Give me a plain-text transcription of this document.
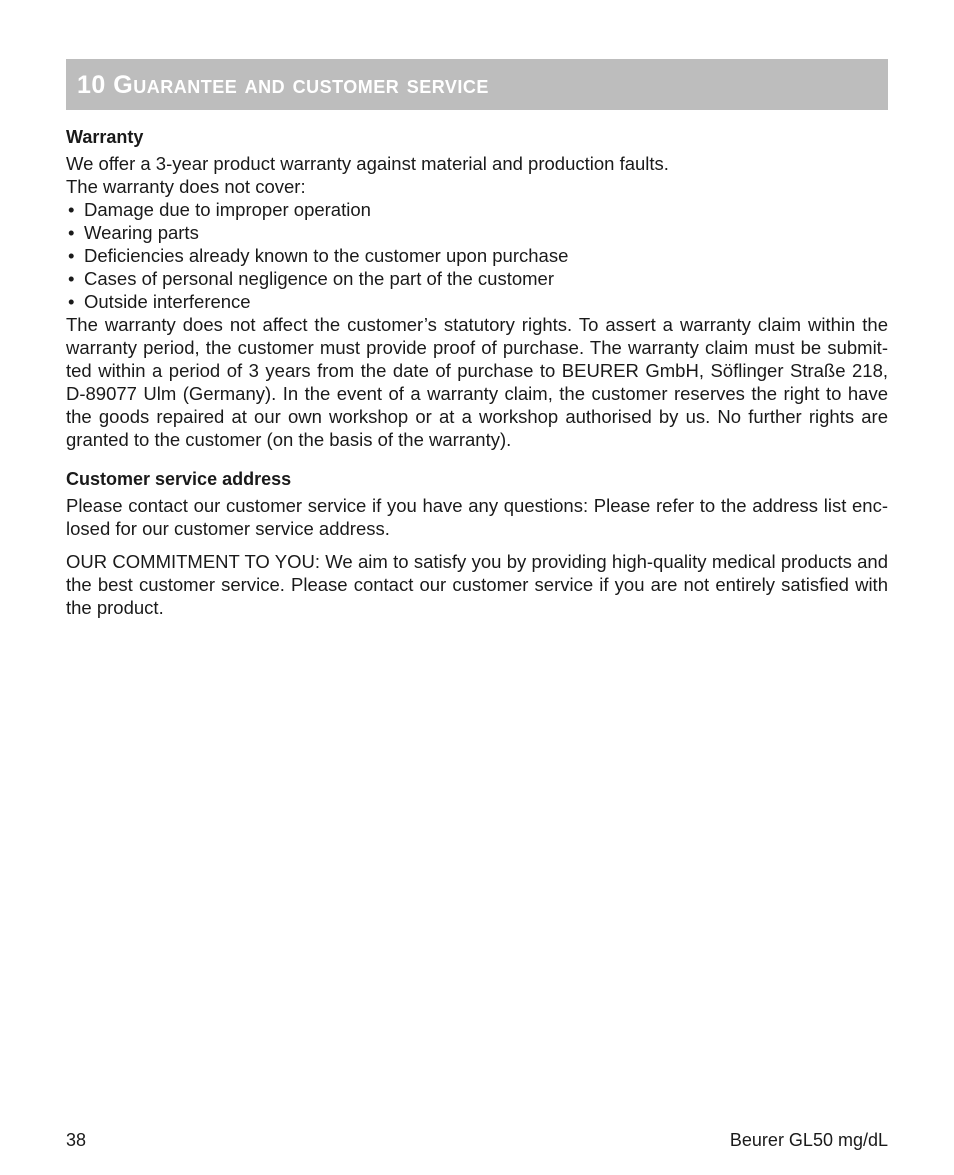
10 Guarantee and customer service
Warranty

We offer a 3-year product warranty against material and production faults.

The warranty does not cover:

• Damage due to improper operation
• Wearing parts
• Deficiencies already known to the customer upon purchase
• Cases of personal negligence on the part of the customer
• Outside interference

The warranty does not affect the customer’s statutory rights. To assert a warranty claim within the warranty period, the customer must provide proof of purchase. The warranty claim must be submit-ted within a period of 3 years from the date of purchase to BEURER GmbH, Söflinger Straße 218, D-89077 Ulm (Germany). In the event of a warranty claim, the customer reserves the right to have the goods repaired at our own workshop or at a workshop authorised by us. No further rights are granted to the customer (on the basis of the warranty).

Customer service address

Please contact our customer service if you have any questions: Please refer to the address list enc-losed for our customer service address.

OUR COMMITMENT TO YOU: We aim to satisfy you by providing high-quality medical products and the best customer service. Please contact our customer service if you are not entirely satisfied with the product.

38	Beurer GL50 mg/dL
